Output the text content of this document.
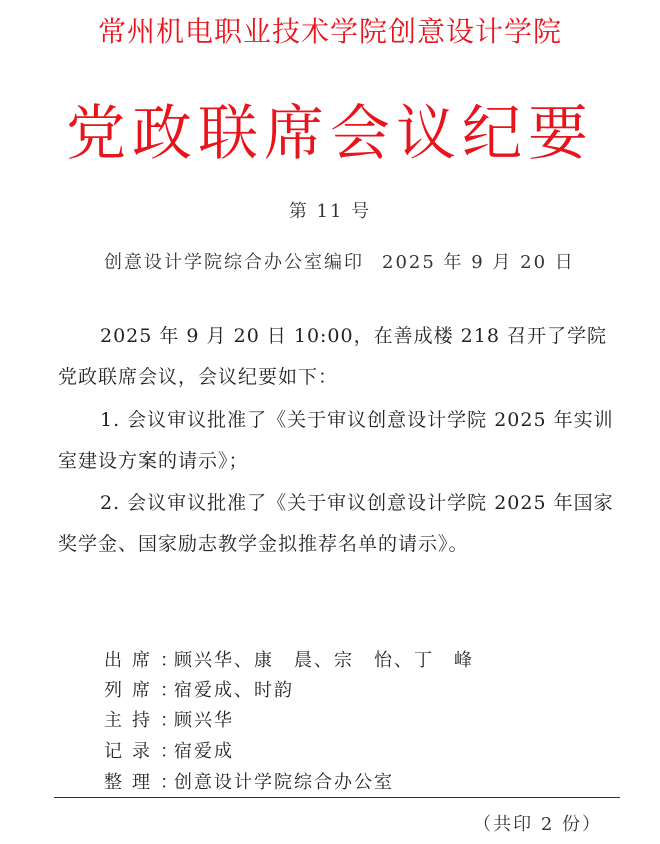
常州机电职业技术学院创意设计学院
党政联席会议纪要
第 11 号
创意设计学院综合办公室编印 2025 年 9 月 20 日
2025 年 9 月 20 日 10:00，在善成楼 218 召开了学院党政联席会议，会议纪要如下：
1. 会议审议批准了《关于审议创意设计学院 2025 年实训室建设方案的请示》；
2. 会议审议批准了《关于审议创意设计学院 2025 年国家奖学金、国家励志教学金拟推荐名单的请示》。
出席：顾兴华、康　晨、宗　怡、丁　峰
列席：宿爱成、时韵
主持：顾兴华
记录：宿爱成
整理：创意设计学院综合办公室
（共印 2 份）
